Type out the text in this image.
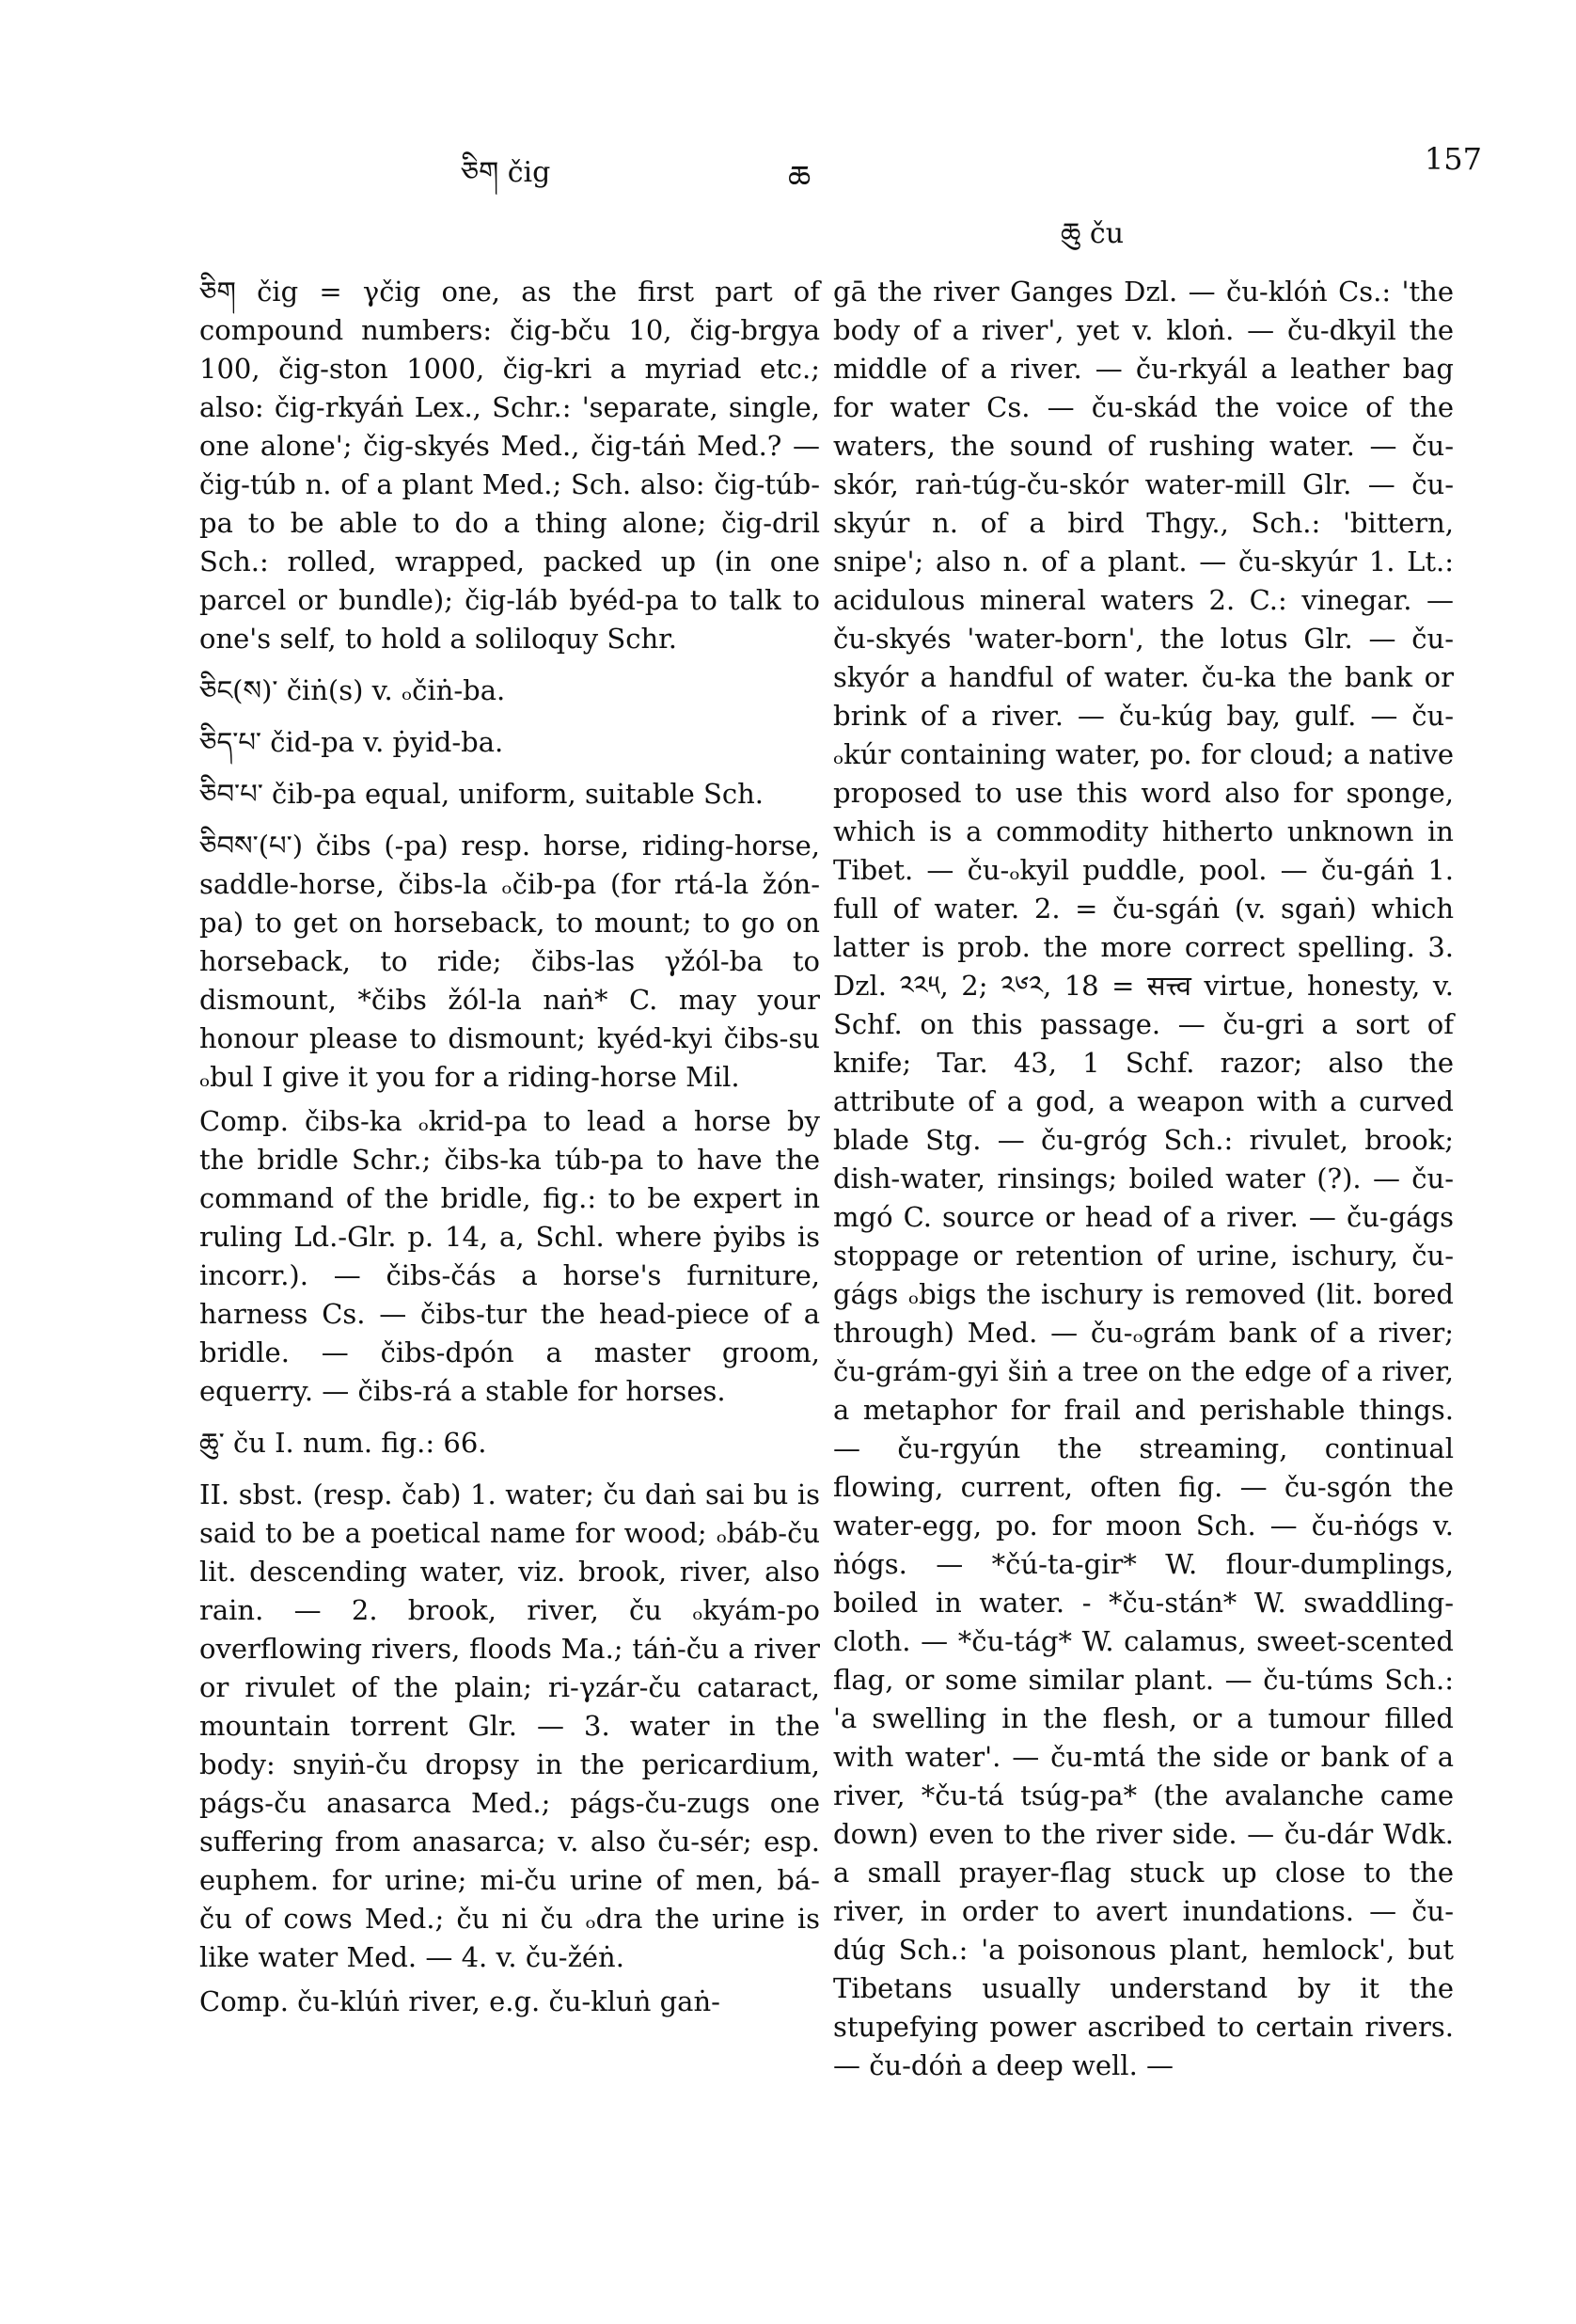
ཅིག čig	ཆ
ཆུ ču
157

ཅིག čig = γčig one, as the first part of compound numbers: čig-bču 10, čig-brgya 100, čig-ston 1000, čig-kri a myriad etc.; also: čig-rkyáṅ Lex., Schr.: 'separate, single, one alone'; čig-skyés Med., čig-táṅ Med.? — čig-túb n. of a plant Med.; Sch. also: čig-túb-pa to be able to do a thing alone; čig-dril Sch.: rolled, wrapped, packed up (in one parcel or bundle); čig-láb byéd-pa to talk to one's self, to hold a soliloquy Schr.

ཅིང(ས)་ čiṅ(s) v. ₒčiṅ-ba.

ཅིད་པ་ čid-pa v. ṗyid-ba.

ཅིབ་པ་ čib-pa equal, uniform, suitable Sch.

ཅིབས་(པ་) čibs (-pa) resp. horse, riding-horse, saddle-horse, čibs-la ₒčib-pa (for rtá-la žón-pa) to get on horseback, to mount; to go on horseback, to ride; čibs-las γžól-ba to dismount, *čibs žól-la naṅ* C. may your honour please to dismount; kyéd-kyi čibs-su ₒbul I give it you for a riding-horse Mil.

Comp. čibs-ka ₒkrid-pa to lead a horse by the bridle Schr.; čibs-ka túb-pa to have the command of the bridle, fig.: to be expert in ruling Ld.-Glr. p. 14, a, Schl. where ṗyibs is incorr.). — čibs-čás a horse's furniture, harness Cs. — čibs-tur the head-piece of a bridle. — čibs-dpón a master groom, equerry. — čibs-rá a stable for horses.

ཆུ་ ču I. num. fig.: 66.

II. sbst. (resp. čab) 1. water; ču daṅ sai bu is said to be a poetical name for wood; ₒbáb-ču lit. descending water, viz. brook, river, also rain. — 2. brook, river, ču ₒkyám-po overflowing rivers, floods Ma.; táṅ-ču a river or rivulet of the plain; ri-γzár-ču cataract, mountain torrent Glr. — 3. water in the body: snyiṅ-ču dropsy in the pericardium, págs-ču anasarca Med.; págs-ču-zugs one suffering from anasarca; v. also ču-sér; esp. euphem. for urine; mi-ču urine of men, bá-ču of cows Med.; ču ni ču ₒdra the urine is like water Med. — 4. v. ču-žéṅ.

Comp. ču-klúṅ river, e.g. ču-kluṅ gaṅ-

gā the river Ganges Dzl. — ču-klóṅ Cs.: 'the body of a river', yet v. kloṅ. — ču-dkyil the middle of a river. — ču-rkyál a leather bag for water Cs. — ču-skád the voice of the waters, the sound of rushing water. — ču-skór, raṅ-túg-ču-skór water-mill Glr. — ču-skyúr n. of a bird Thgy., Sch.: 'bittern, snipe'; also n. of a plant. — ču-skyúr 1. Lt.: acidulous mineral waters 2. C.: vinegar. — ču-skyés 'water-born', the lotus Glr. — ču-skyór a handful of water. ču-ka the bank or brink of a river. — ču-kúg bay, gulf. — ču-ₒkúr containing water, po. for cloud; a native proposed to use this word also for sponge, which is a commodity hitherto unknown in Tibet. — ču-ₒkyil puddle, pool. — ču-gáṅ 1. full of water. 2. = ču-sgáṅ (v. sgaṅ) which latter is prob. the more correct spelling. 3. Dzl. ༢༢༥, 2; ༢༦༢, 18 = सत्त्व virtue, honesty, v. Schf. on this passage. — ču-gri a sort of knife; Tar. 43, 1 Schf. razor; also the attribute of a god, a weapon with a curved blade Stg. — ču-gróg Sch.: rivulet, brook; dish-water, rinsings; boiled water (?). — ču-mgó C. source or head of a river. — ču-gágs stoppage or retention of urine, ischury, ču-gágs ₒbigs the ischury is removed (lit. bored through) Med. — ču-ₒgrám bank of a river; ču-grám-gyi šiṅ a tree on the edge of a river, a metaphor for frail and perishable things. — ču-rgyún the streaming, continual flowing, current, often fig. — ču-sgón the water-egg, po. for moon Sch. — ču-ṅógs v. ṅógs. — *čú-ta-gir* W. flour-dumplings, boiled in water. - *ču-stán* W. swaddling-cloth. — *ču-tág* W. calamus, sweet-scented flag, or some similar plant. — ču-túms Sch.: 'a swelling in the flesh, or a tumour filled with water'. — ču-mtá the side or bank of a river, *ču-tá tsúg-pa* (the avalanche came down) even to the river side. — ču-dár Wdk. a small prayer-flag stuck up close to the river, in order to avert inundations. — ču-dúg Sch.: 'a poisonous plant, hemlock', but Tibetans usually understand by it the stupefying power ascribed to certain rivers. — ču-dóṅ a deep well. —
